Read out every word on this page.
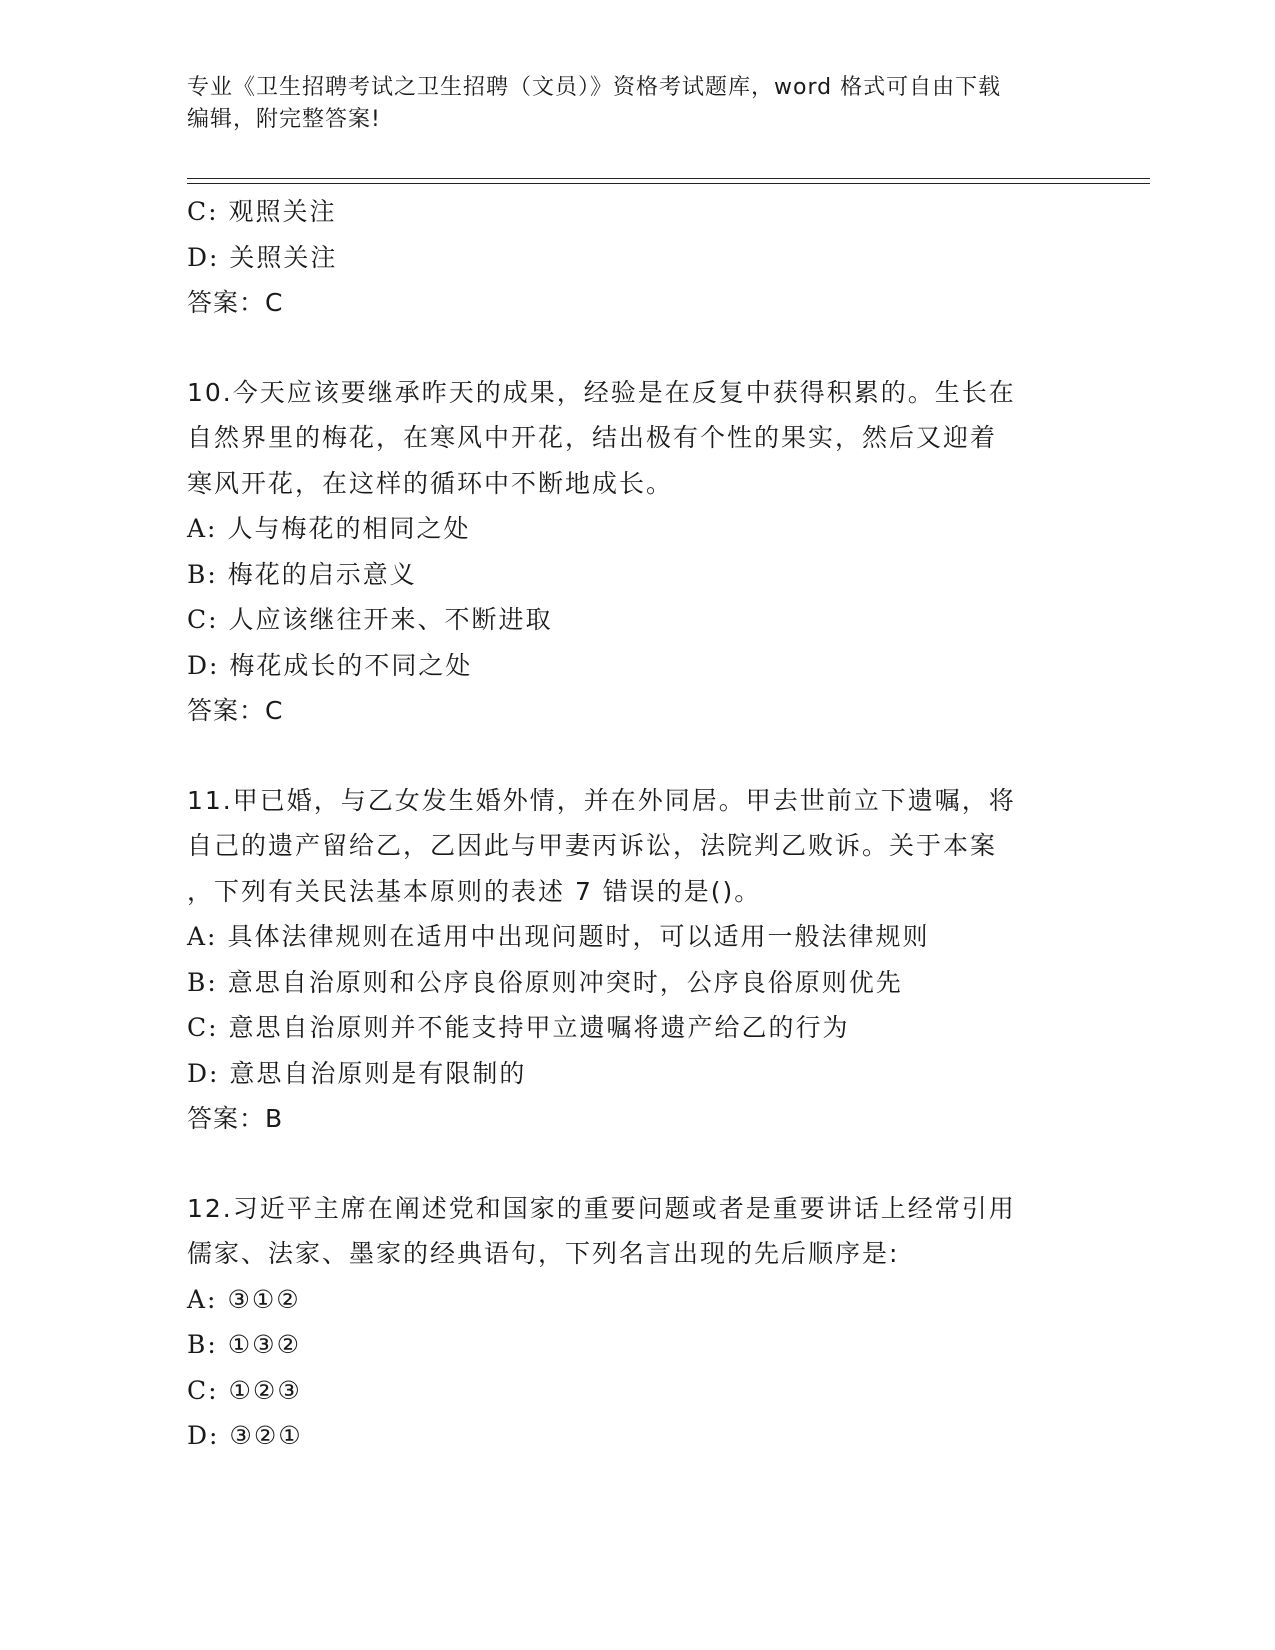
专业《卫生招聘考试之卫生招聘（文员）》资格考试题库，word 格式可自由下载
编辑，附完整答案!
C: 观照关注
D: 关照关注
答案：C
10.今天应该要继承昨天的成果，经验是在反复中获得积累的。生长在
自然界里的梅花，在寒风中开花，结出极有个性的果实，然后又迎着
寒风开花，在这样的循环中不断地成长。
A: 人与梅花的相同之处
B: 梅花的启示意义
C: 人应该继往开来、不断进取
D: 梅花成长的不同之处
答案：C
11.甲已婚，与乙女发生婚外情，并在外同居。甲去世前立下遗嘱，将
自己的遗产留给乙，乙因此与甲妻丙诉讼，法院判乙败诉。关于本案
，下列有关民法基本原则的表述 7 错误的是()。
A: 具体法律规则在适用中出现问题时，可以适用一般法律规则
B: 意思自治原则和公序良俗原则冲突时，公序良俗原则优先
C: 意思自治原则并不能支持甲立遗嘱将遗产给乙的行为
D: 意思自治原则是有限制的
答案：B
12.习近平主席在阐述党和国家的重要问题或者是重要讲话上经常引用
儒家、法家、墨家的经典语句，下列名言出现的先后顺序是:
A: ③①②
B: ①③②
C: ①②③
D: ③②①
